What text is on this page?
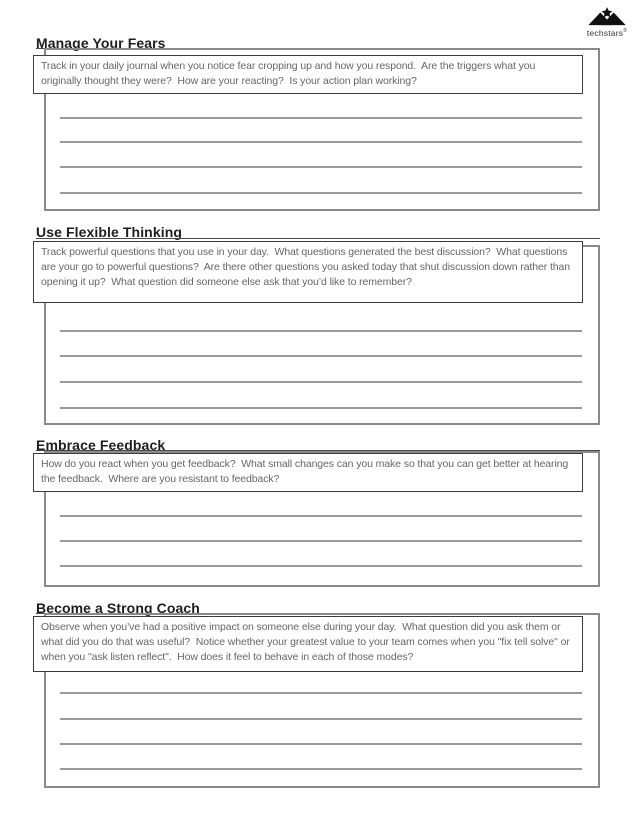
techstars®
Manage Your Fears

Track in your daily journal when you notice fear cropping up and how you respond.  Are the triggers what you originally thought they were?  How are your reacting?  Is your action plan working?

Use Flexible Thinking

Track powerful questions that you use in your day.  What questions generated the best discussion?  What questions are your go to powerful questions?  Are there other questions you asked today that shut discussion down rather than opening it up?  What question did someone else ask that you’d like to remember?

Embrace Feedback

How do you react when you get feedback?  What small changes can you make so that you can get better at hearing the feedback.  Where are you resistant to feedback?

Become a Strong Coach

Observe when you’ve had a positive impact on someone else during your day.  What question did you ask them or what did you do that was useful?  Notice whether your greatest value to your team comes when you "fix tell solve" or when you "ask listen reflect".  How does it feel to behave in each of those modes?
